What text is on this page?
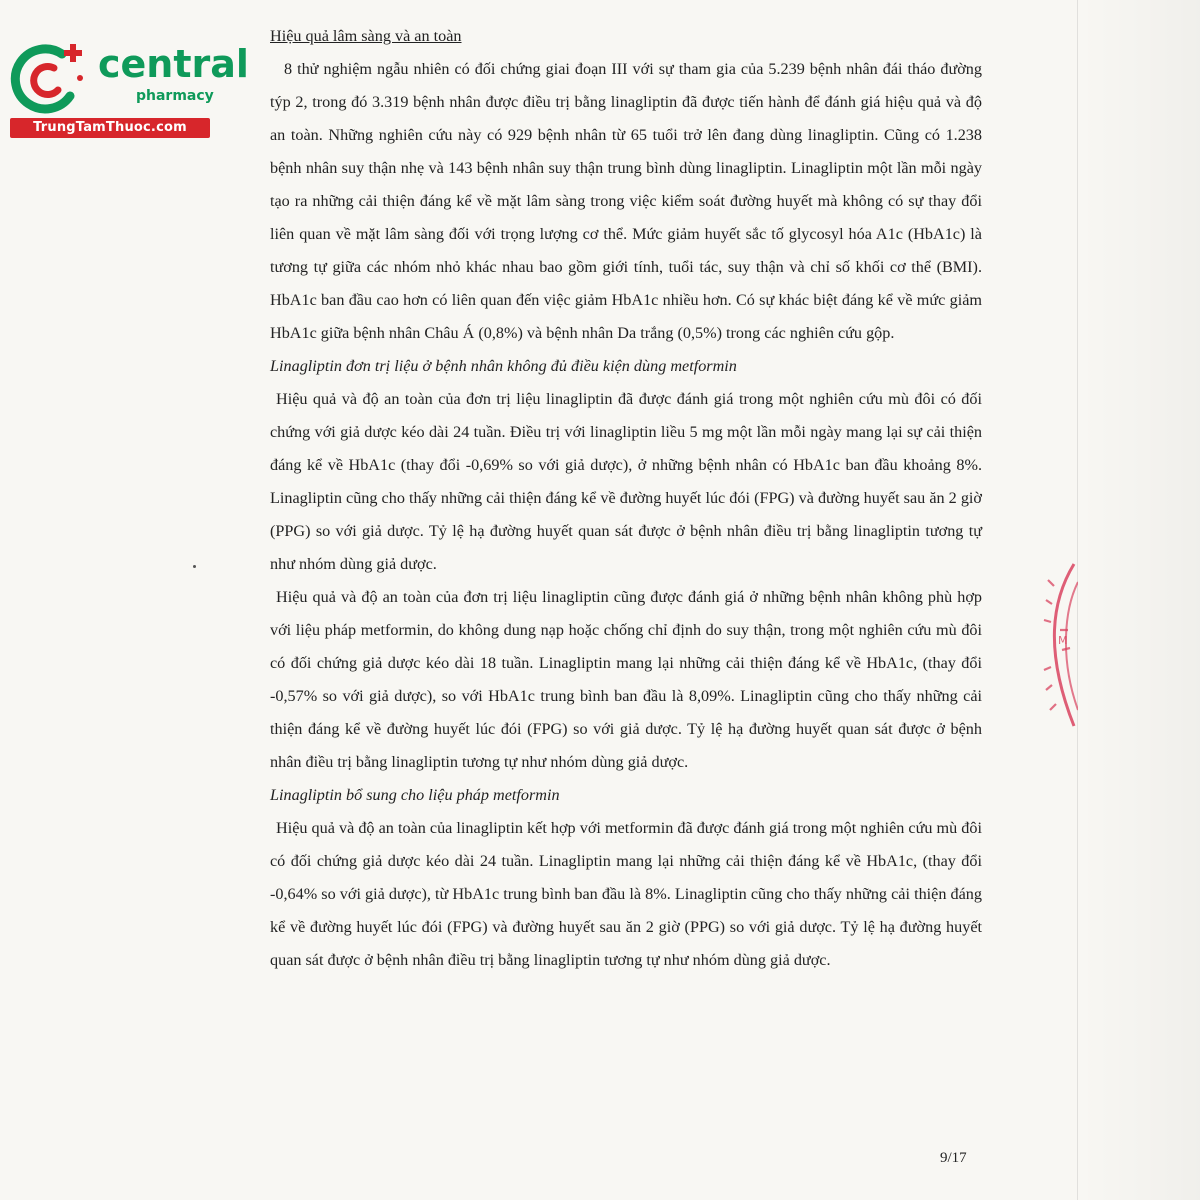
central
pharmacy
TrungTamThuoc.com
M

Hiệu quả lâm sàng và an toàn

8 thử nghiệm ngẫu nhiên có đối chứng giai đoạn III với sự tham gia của 5.239 bệnh nhân đái tháo đường týp 2, trong đó 3.319 bệnh nhân được điều trị bằng linagliptin đã được tiến hành để đánh giá hiệu quả và độ an toàn. Những nghiên cứu này có 929 bệnh nhân từ 65 tuổi trở lên đang dùng linagliptin. Cũng có 1.238 bệnh nhân suy thận nhẹ và 143 bệnh nhân suy thận trung bình dùng linagliptin. Linagliptin một lần mỗi ngày tạo ra những cải thiện đáng kể về mặt lâm sàng trong việc kiểm soát đường huyết mà không có sự thay đổi liên quan về mặt lâm sàng đối với trọng lượng cơ thể. Mức giảm huyết sắc tố glycosyl hóa A1c (HbA1c) là tương tự giữa các nhóm nhỏ khác nhau bao gồm giới tính, tuổi tác, suy thận và chỉ số khối cơ thể (BMI). HbA1c ban đầu cao hơn có liên quan đến việc giảm HbA1c nhiều hơn. Có sự khác biệt đáng kể về mức giảm HbA1c giữa bệnh nhân Châu Á (0,8%) và bệnh nhân Da trắng (0,5%) trong các nghiên cứu gộp.

Linagliptin đơn trị liệu ở bệnh nhân không đủ điều kiện dùng metformin

Hiệu quả và độ an toàn của đơn trị liệu linagliptin đã được đánh giá trong một nghiên cứu mù đôi có đối chứng với giả dược kéo dài 24 tuần. Điều trị với linagliptin liều 5 mg một lần mỗi ngày mang lại sự cải thiện đáng kể về HbA1c (thay đổi -0,69% so với giả dược), ở những bệnh nhân có HbA1c ban đầu khoảng 8%. Linagliptin cũng cho thấy những cải thiện đáng kể về đường huyết lúc đói (FPG) và đường huyết sau ăn 2 giờ (PPG) so với giả dược. Tỷ lệ hạ đường huyết quan sát được ở bệnh nhân điều trị bằng linagliptin tương tự như nhóm dùng giả dược.

Hiệu quả và độ an toàn của đơn trị liệu linagliptin cũng được đánh giá ở những bệnh nhân không phù hợp với liệu pháp metformin, do không dung nạp hoặc chống chỉ định do suy thận, trong một nghiên cứu mù đôi có đối chứng giả dược kéo dài 18 tuần. Linagliptin mang lại những cải thiện đáng kể về HbA1c, (thay đổi -0,57% so với giả dược), so với HbA1c trung bình ban đầu là 8,09%. Linagliptin cũng cho thấy những cải thiện đáng kể về đường huyết lúc đói (FPG) so với giả dược. Tỷ lệ hạ đường huyết quan sát được ở bệnh nhân điều trị bằng linagliptin tương tự như nhóm dùng giả dược.

Linagliptin bổ sung cho liệu pháp metformin

Hiệu quả và độ an toàn của linagliptin kết hợp với metformin đã được đánh giá trong một nghiên cứu mù đôi có đối chứng giả dược kéo dài 24 tuần. Linagliptin mang lại những cải thiện đáng kể về HbA1c, (thay đổi -0,64% so với giả dược), từ HbA1c trung bình ban đầu là 8%. Linagliptin cũng cho thấy những cải thiện đáng kể về đường huyết lúc đói (FPG) và đường huyết sau ăn 2 giờ (PPG) so với giả dược. Tỷ lệ hạ đường huyết quan sát được ở bệnh nhân điều trị bằng linagliptin tương tự như nhóm dùng giả dược.

9/17
